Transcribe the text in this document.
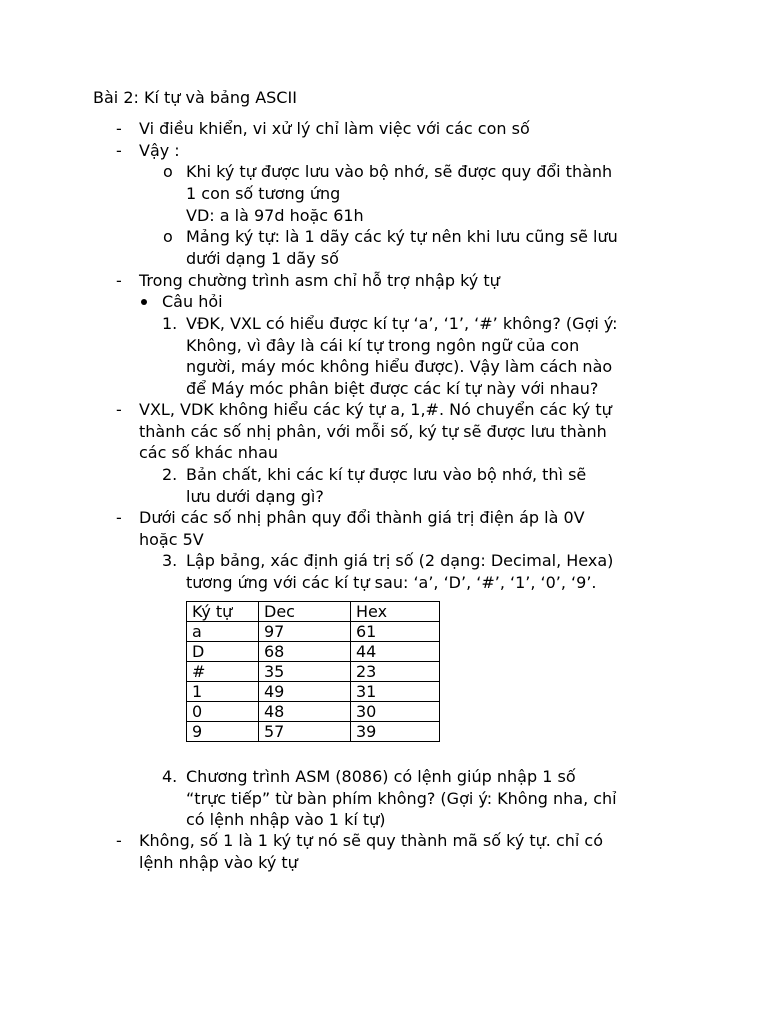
Bài 2: Kí tự và bảng ASCII
- Vi điều khiển, vi xử lý chỉ làm việc với các con số
- Vậy :
o Khi ký tự được lưu vào bộ nhớ, sẽ được quy đổi thành
1 con số tương ứng
VD: a là 97d hoặc 61h
o Mảng ký tự: là 1 dãy các ký tự nên khi lưu cũng sẽ lưu
dưới dạng 1 dãy số
- Trong chường trình asm chỉ hỗ trợ nhập ký tự
Câu hỏi
1. VĐK, VXL có hiểu được kí tự ‘a’, ‘1’, ‘#’ không? (Gợi ý:
Không, vì đây là cái kí tự trong ngôn ngữ của con
người, máy móc không hiểu được). Vậy làm cách nào
để Máy móc phân biệt được các kí tự này với nhau?
- VXL, VDK không hiểu các ký tự a, 1,#. Nó chuyển các ký tự
thành các số nhị phân, với mỗi số, ký tự sẽ được lưu thành
các số khác nhau
2. Bản chất, khi các kí tự được lưu vào bộ nhớ, thì sẽ
lưu dưới dạng gì?
- Dưới các số nhị phân quy đổi thành giá trị điện áp là 0V
hoặc 5V
3. Lập bảng, xác định giá trị số (2 dạng: Decimal, Hexa)
tương ứng với các kí tự sau: ‘a’, ‘D’, ‘#’, ‘1’, ‘0’, ‘9’.
Ký tự	Dec	Hex
a	97	61
D	68	44
#	35	23
1	49	31
0	48	30
9	57	39
4. Chương trình ASM (8086) có lệnh giúp nhập 1 số
“trực tiếp” từ bàn phím không? (Gợi ý: Không nha, chỉ
có lệnh nhập vào 1 kí tự)
- Không, số 1 là 1 ký tự nó sẽ quy thành mã số ký tự. chỉ có
lệnh nhập vào ký tự
